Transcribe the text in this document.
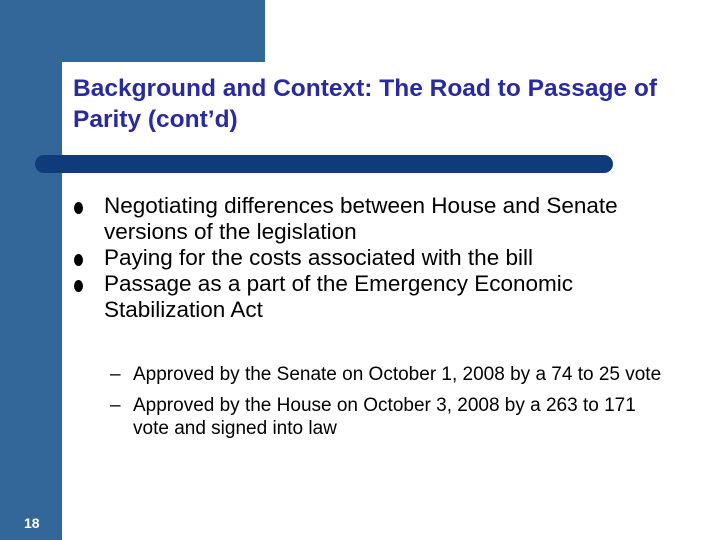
Background and Context: The Road to Passage of Parity (cont’d)
Negotiating differences between House and Senate versions of the legislation
Paying for the costs associated with the bill
Passage as a part of the Emergency Economic Stabilization Act
– Approved by the Senate on October 1, 2008 by a 74 to 25 vote
– Approved by the House on October 3, 2008 by a 263 to 171 vote and signed into law
18
